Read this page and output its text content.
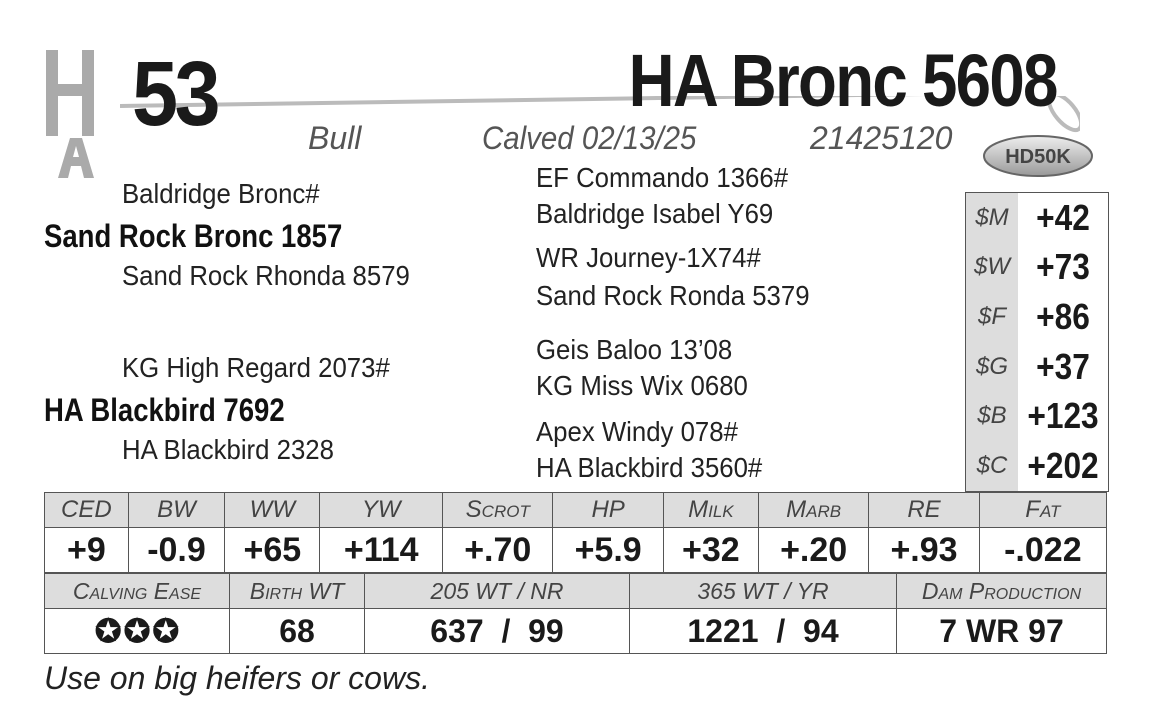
53	HA Bronc 5608
Bull	Calved 02/13/25	21425120
HD50K
Baldridge Bronc#
Sand Rock Bronc 1857
Sand Rock Rhonda 8579
KG High Regard 2073#
HA Blackbird 7692
HA Blackbird 2328
EF Commando 1366#
Baldridge Isabel Y69
WR Journey-1X74#
Sand Rock Ronda 5379
Geis Baloo 13’08
KG Miss Wix 0680
Apex Windy 078#
HA Blackbird 3560#
$M +42
$W +73
$F +86
$G +37
$B +123
$C +202
CED	BW	WW	YW	Scrot	HP	Milk	Marb	RE	Fat
+9	-0.9	+65	+114	+.70	+5.9	+32	+.20	+.93	-.022
Calving Ease	Birth WT	205 WT / NR	365 WT / YR	Dam Production
✪✪✪	68	637  /  99	1221  /  94	7 WR 97
Use on big heifers or cows.
